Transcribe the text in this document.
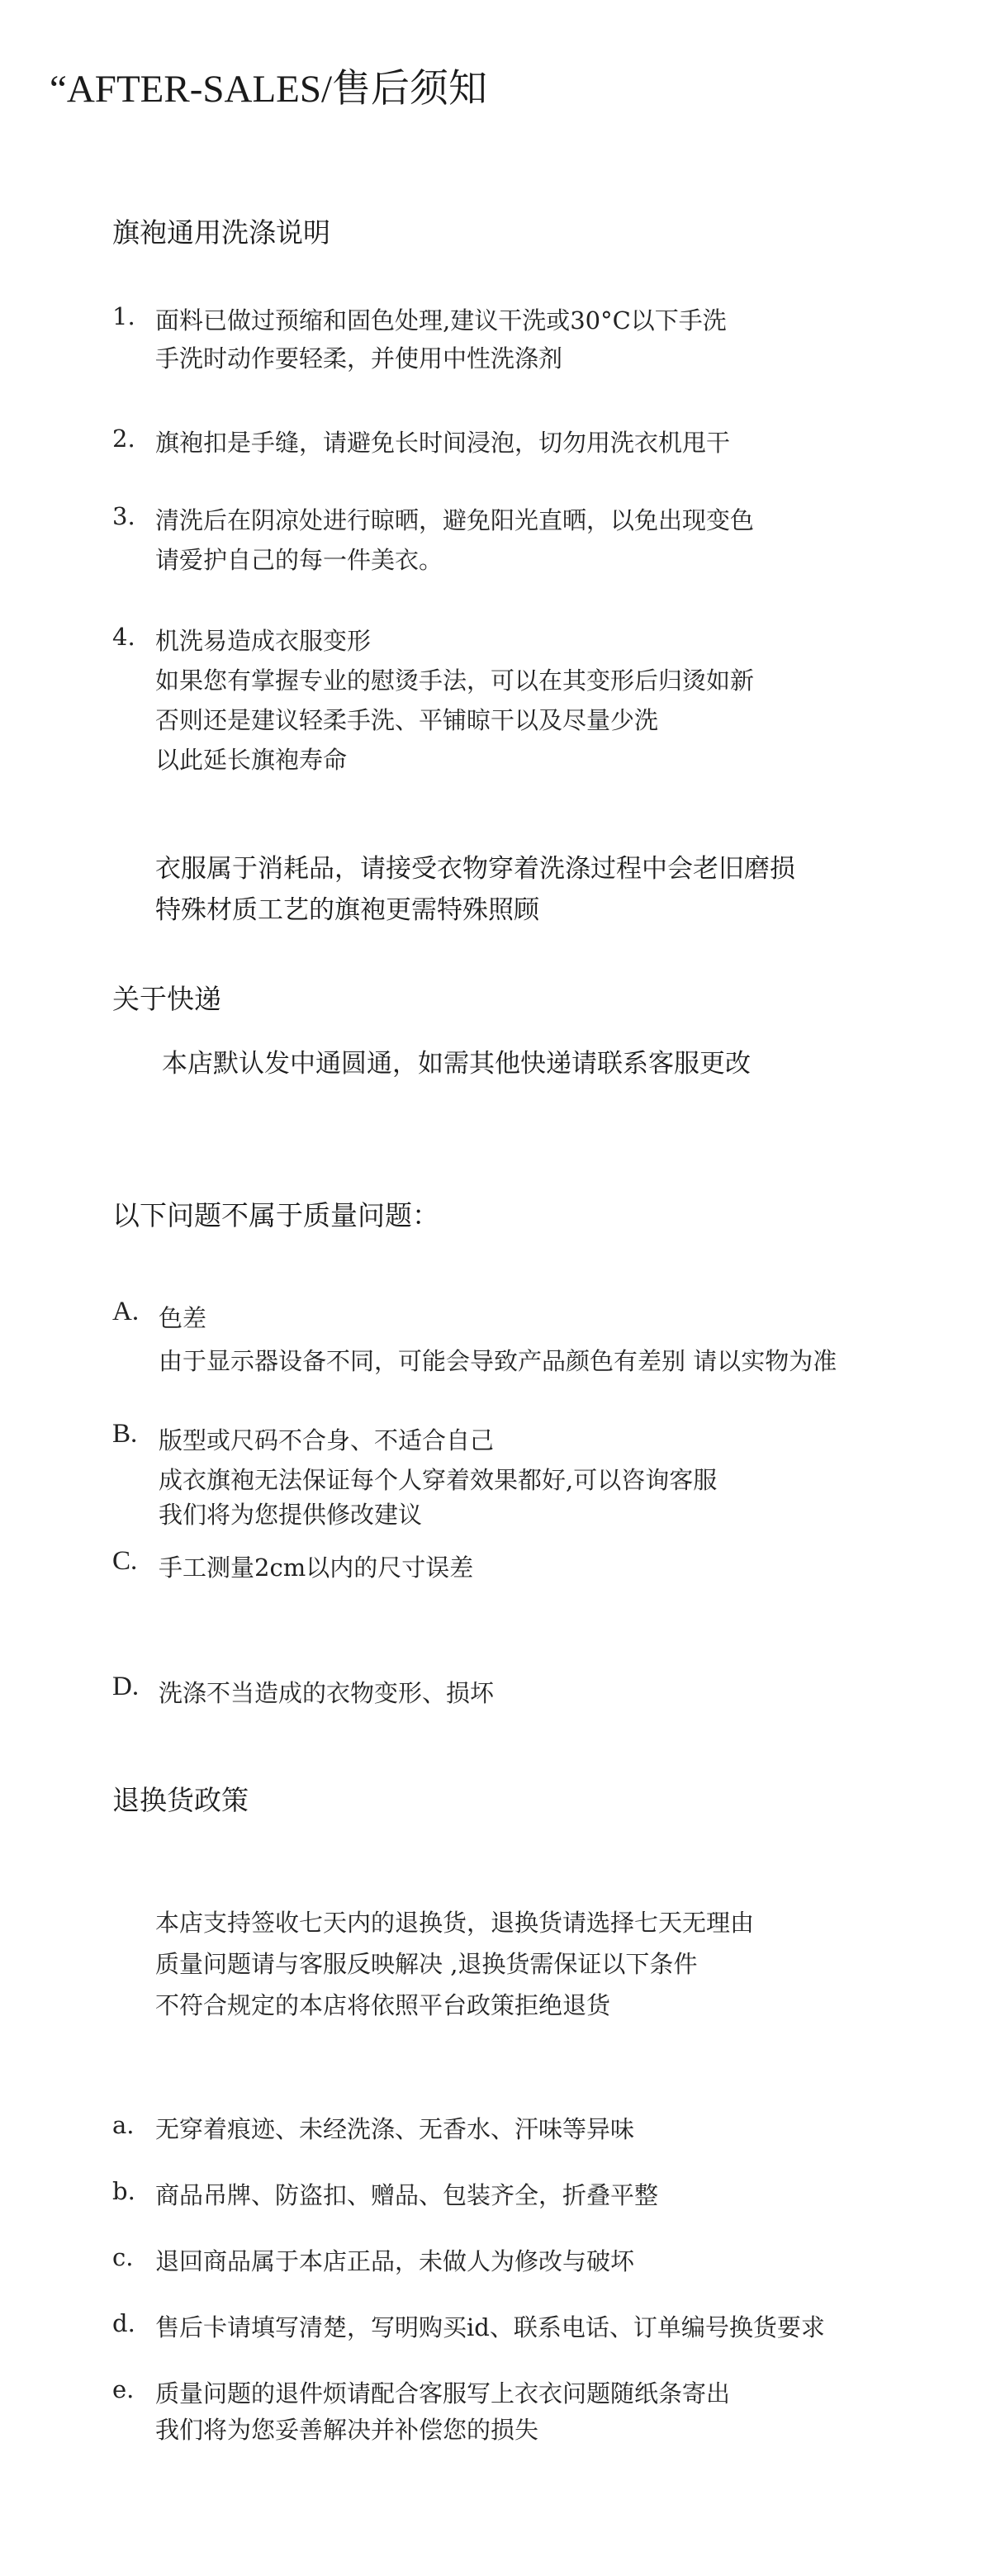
“AFTER-SALES/售后须知
旗袍通用洗涤说明
1. 面料已做过预缩和固色处理,建议干洗或30°C以下手洗
手洗时动作要轻柔，并使用中性洗涤剂
2. 旗袍扣是手缝，请避免长时间浸泡，切勿用洗衣机甩干
3. 清洗后在阴凉处进行晾晒，避免阳光直晒，以免出现变色
请爱护自己的每一件美衣。
4. 机洗易造成衣服变形
如果您有掌握专业的慰烫手法，可以在其变形后归烫如新
否则还是建议轻柔手洗、平铺晾干以及尽量少洗
以此延长旗袍寿命
衣服属于消耗品，请接受衣物穿着洗涤过程中会老旧磨损
特殊材质工艺的旗袍更需特殊照顾
关于快递
本店默认发中通圆通，如需其他快递请联系客服更改
以下问题不属于质量问题：
A. 色差
由于显示器设备不同，可能会导致产品颜色有差别 请以实物为准
B. 版型或尺码不合身、不适合自己
成衣旗袍无法保证每个人穿着效果都好,可以咨询客服
我们将为您提供修改建议
C. 手工测量2cm以内的尺寸误差
D. 洗涤不当造成的衣物变形、损坏
退换货政策
本店支持签收七天内的退换货，退换货请选择七天无理由
质量问题请与客服反映解决 ,退换货需保证以下条件
不符合规定的本店将依照平台政策拒绝退货
a. 无穿着痕迹、未经洗涤、无香水、汗味等异味
b. 商品吊牌、防盗扣、赠品、包装齐全，折叠平整
c. 退回商品属于本店正品，未做人为修改与破坏
d. 售后卡请填写清楚，写明购买id、联系电话、订单编号换货要求
e. 质量问题的退件烦请配合客服写上衣衣问题随纸条寄出
我们将为您妥善解决并补偿您的损失
